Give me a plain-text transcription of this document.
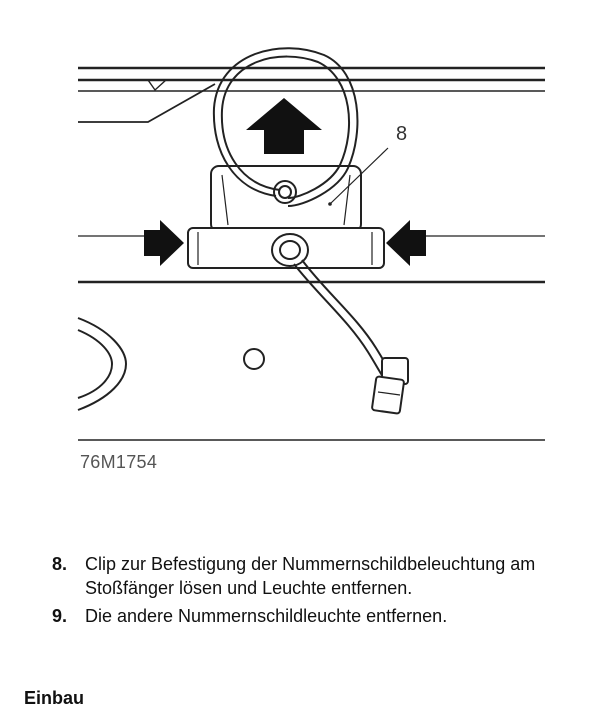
8
76M1754
8. Clip zur Befestigung der Nummernschildbeleuchtung am Stoßfänger lösen und Leuchte entfernen.
9. Die andere Nummernschildleuchte entfernen.
Einbau
